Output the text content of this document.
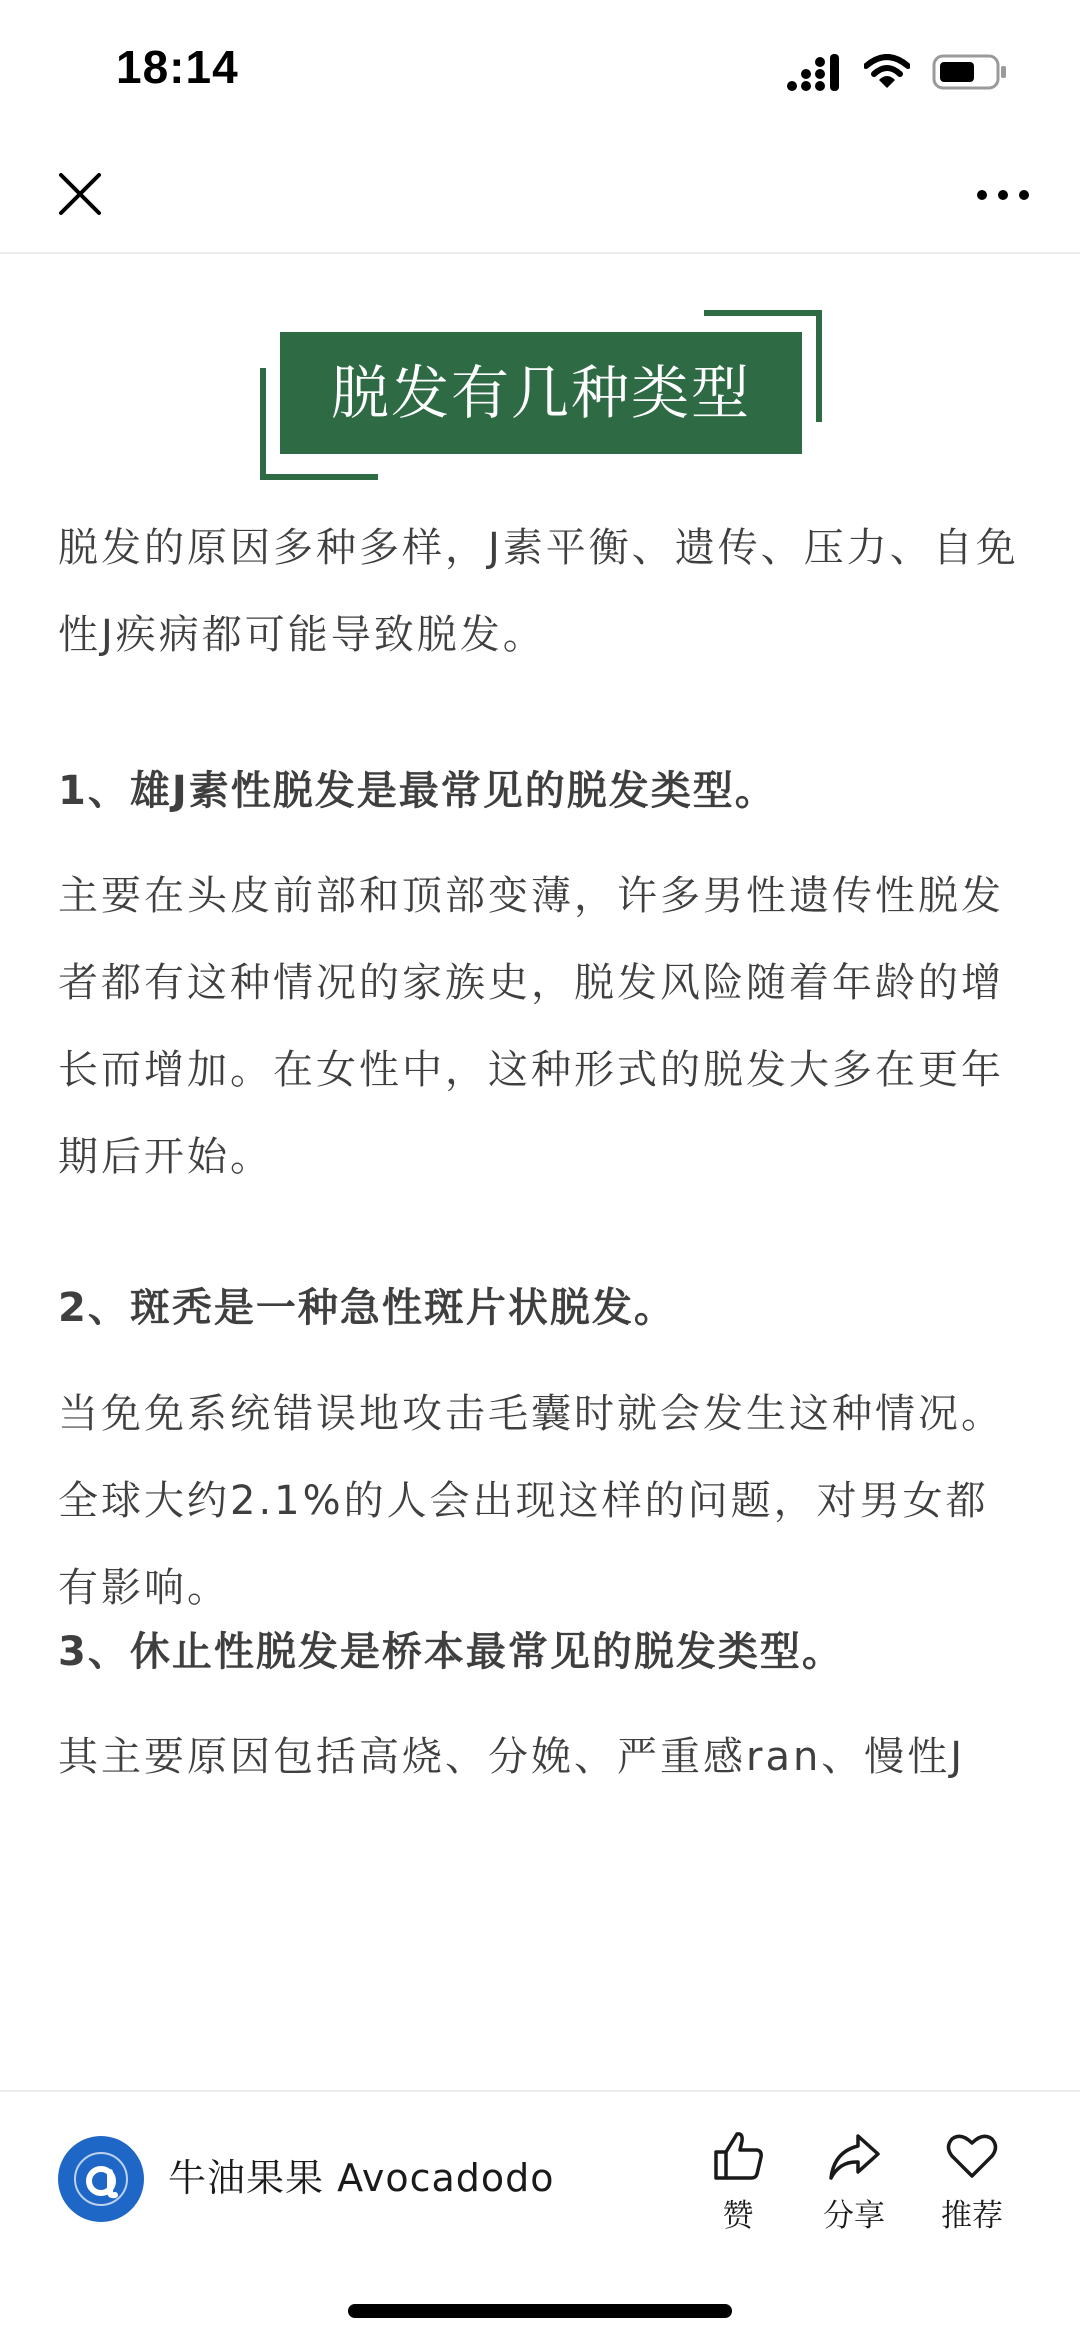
18:14
脱发有几种类型

脱发的原因多种多样，J素平衡、遗传、压力、自免性J疾病都可能导致脱发。

1、雄J素性脱发是最常见的脱发类型。

主要在头皮前部和顶部变薄，许多男性遗传性脱发者都有这种情况的家族史，脱发风险随着年龄的增长而增加。在女性中，这种形式的脱发大多在更年期后开始。

2、斑秃是一种急性斑片状脱发。

当免免系统错误地攻击毛囊时就会发生这种情况。全球大约2.1%的人会出现这样的问题，对男女都有影响。

3、休止性脱发是桥本最常见的脱发类型。

其主要原因包括高烧、分娩、严重感ran、慢性J

牛油果果 Avocadodo
赞	分享	推荐
